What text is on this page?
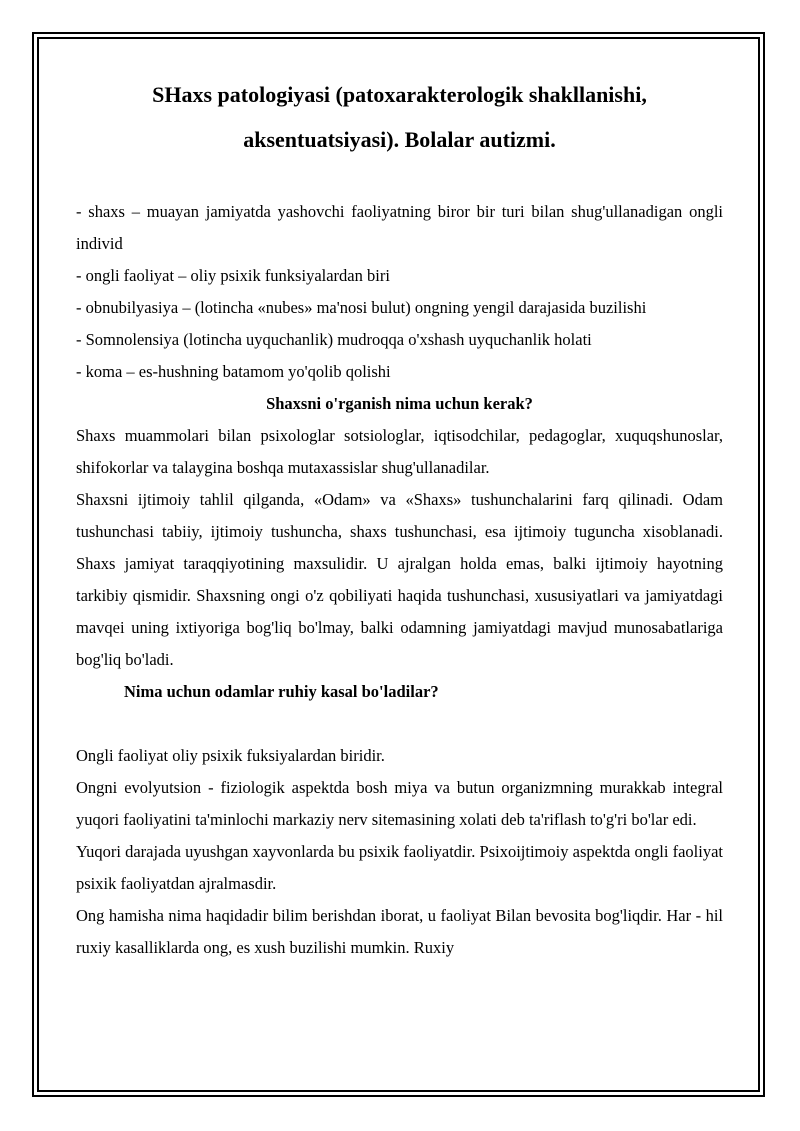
SHaxs patologiyasi (patoxarakterologik shakllanishi,
aksentuatsiyasi). Bolalar autizmi.

- shaxs – muayan jamiyatda yashovchi faoliyatning biror bir turi bilan shug'ullanadigan ongli individ

- ongli faoliyat – oliy psixik funksiyalardan biri

- obnubilyasiya – (lotincha «nubes» ma'nosi bulut) ongning yengil darajasida buzilishi

- Somnolensiya (lotincha uyquchanlik) mudroqqa o'xshash uyquchanlik holati

- koma – es-hushning batamom yo'qolib qolishi

Shaxsni o'rganish nima uchun kerak?

Shaxs muammolari bilan psixologlar sotsiologlar, iqtisodchilar, pedagoglar, xuquqshunoslar, shifokorlar va talaygina boshqa mutaxassislar shug'ullanadilar.

Shaxsni ijtimoiy tahlil qilganda, «Odam» va «Shaxs» tushunchalarini farq qilinadi. Odam tushunchasi tabiiy, ijtimoiy tushuncha, shaxs tushunchasi, esa ijtimoiy tuguncha xisoblanadi. Shaxs jamiyat taraqqiyotining maxsulidir. U ajralgan holda emas, balki ijtimoiy hayotning tarkibiy qismidir. Shaxsning ongi o'z qobiliyati haqida tushunchasi, xususiyatlari va jamiyatdagi mavqei uning ixtiyoriga bog'liq bo'lmay, balki odamning jamiyatdagi mavjud munosabatlariga bog'liq bo'ladi.

Nima uchun odamlar ruhiy kasal bo'ladilar?

Ongli faoliyat oliy psixik fuksiyalardan biridir.

Ongni evolyutsion - fiziologik aspektda bosh miya va butun organizmning murakkab integral yuqori faoliyatini ta'minlochi markaziy nerv sitemasining xolati deb ta'riflash to'g'ri bo'lar edi.

Yuqori darajada uyushgan xayvonlarda bu psixik faoliyatdir. Psixoijtimoiy aspektda ongli faoliyat psixik faoliyatdan ajralmasdir.

Ong hamisha nima haqidadir bilim berishdan iborat, u faoliyat Bilan bevosita bog'liqdir. Har - hil ruxiy kasalliklarda ong, es xush buzilishi mumkin. Ruxiy
